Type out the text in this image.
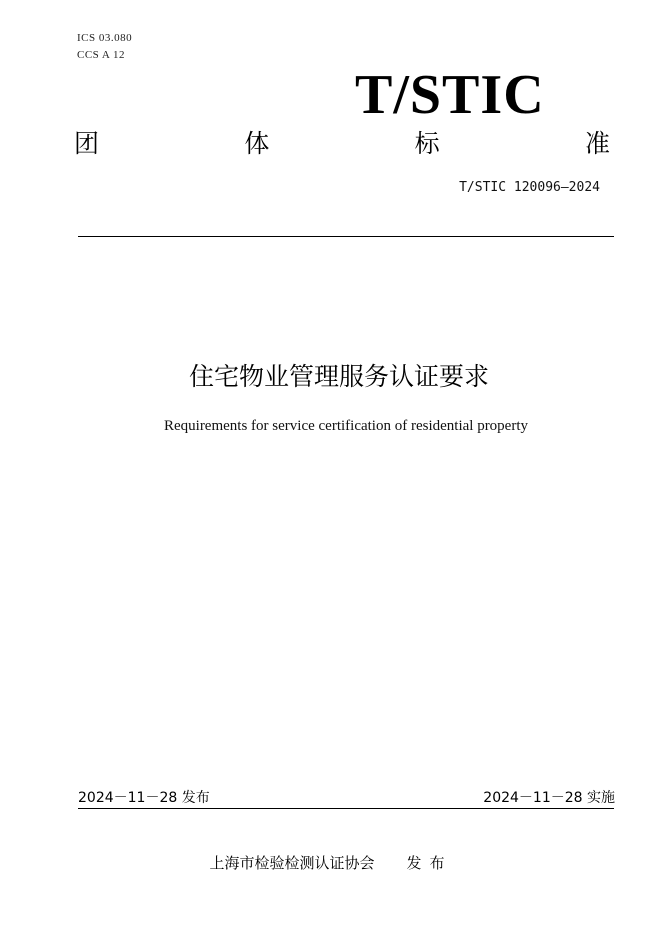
ICS 03.080
CCS A 12
T/STIC
团	体	标	准
T/STIC 120096—2024
住宅物业管理服务认证要求
Requirements for service certification of residential property
2024－11－28 发布	2024－11－28 实施
上海市检验检测认证协会 发布
